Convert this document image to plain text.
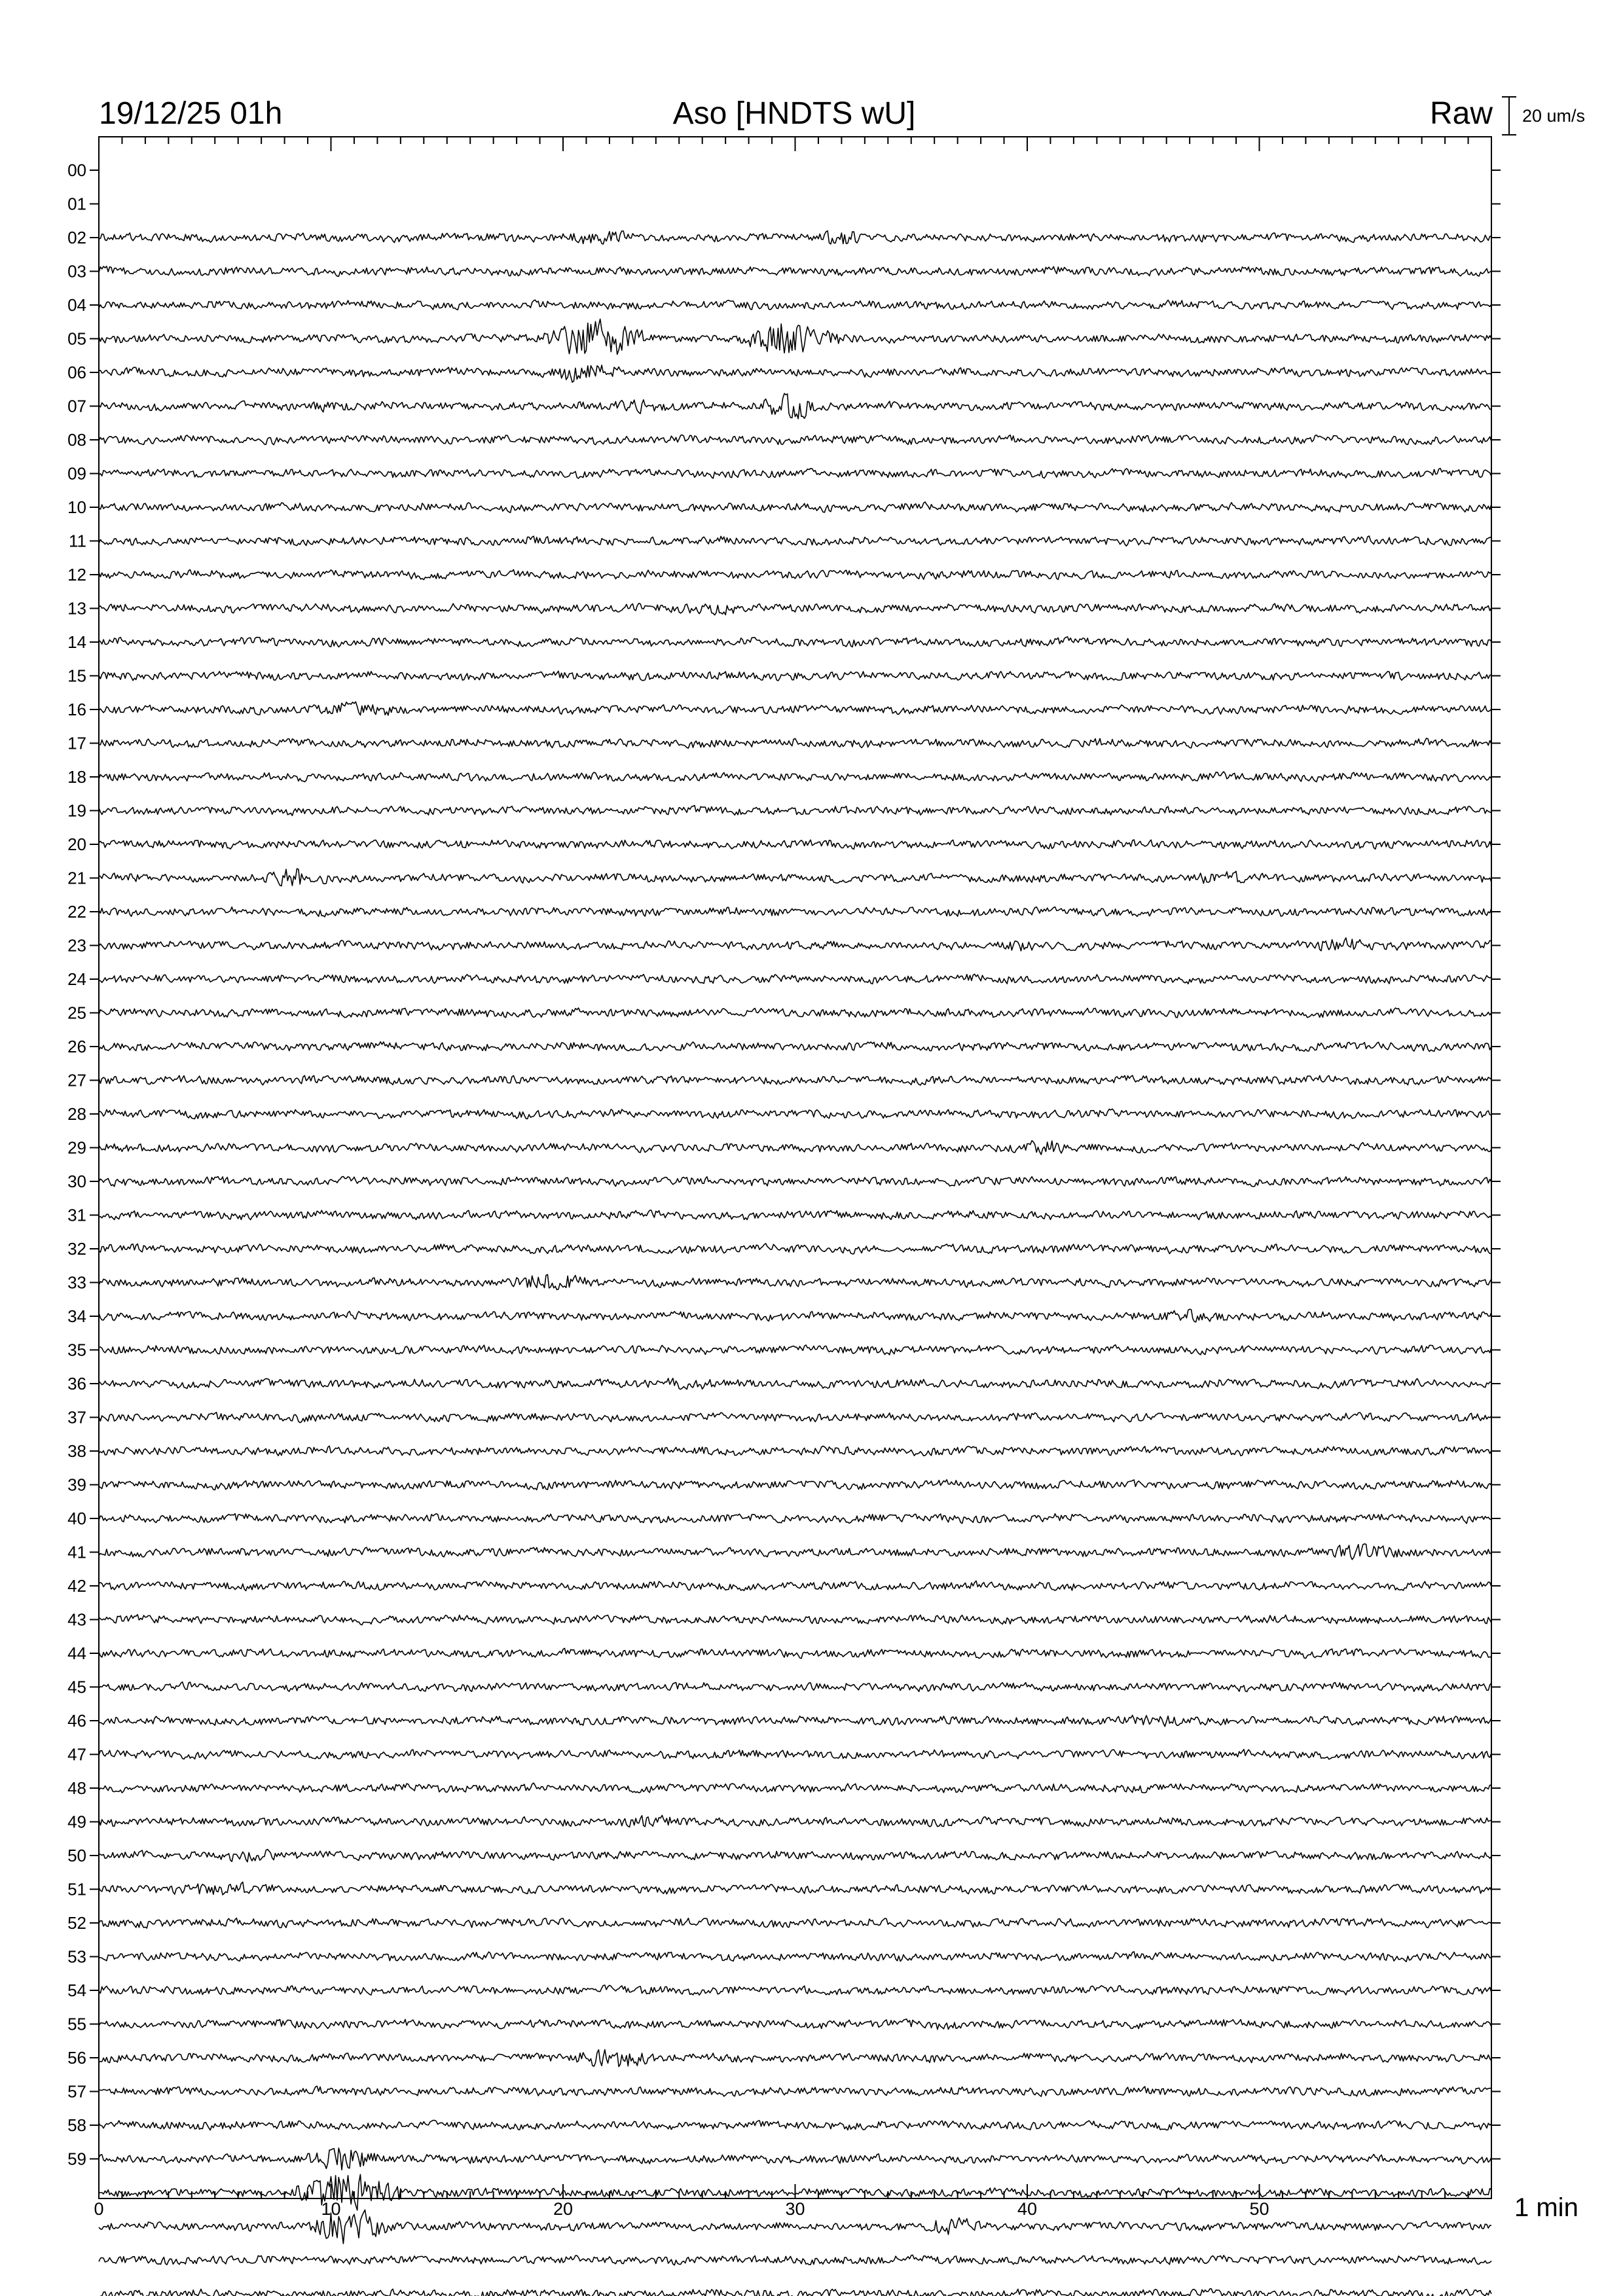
19/12/25 01h	Aso [HNDTS wU]	Raw 20 um/s
0	10	20	30	40	50
00
01
02
03
04
05
06
07
08
09
10
11
12
13
14
15
16
17
18
19
20
21
22
23
24
25
26
27
28
29
30
31
32
33
34
35
36
37
38
39
40
41
42
43
44
45
46
47
48
49
50
51
52
53
54
55
56
57
58
59
1 min
